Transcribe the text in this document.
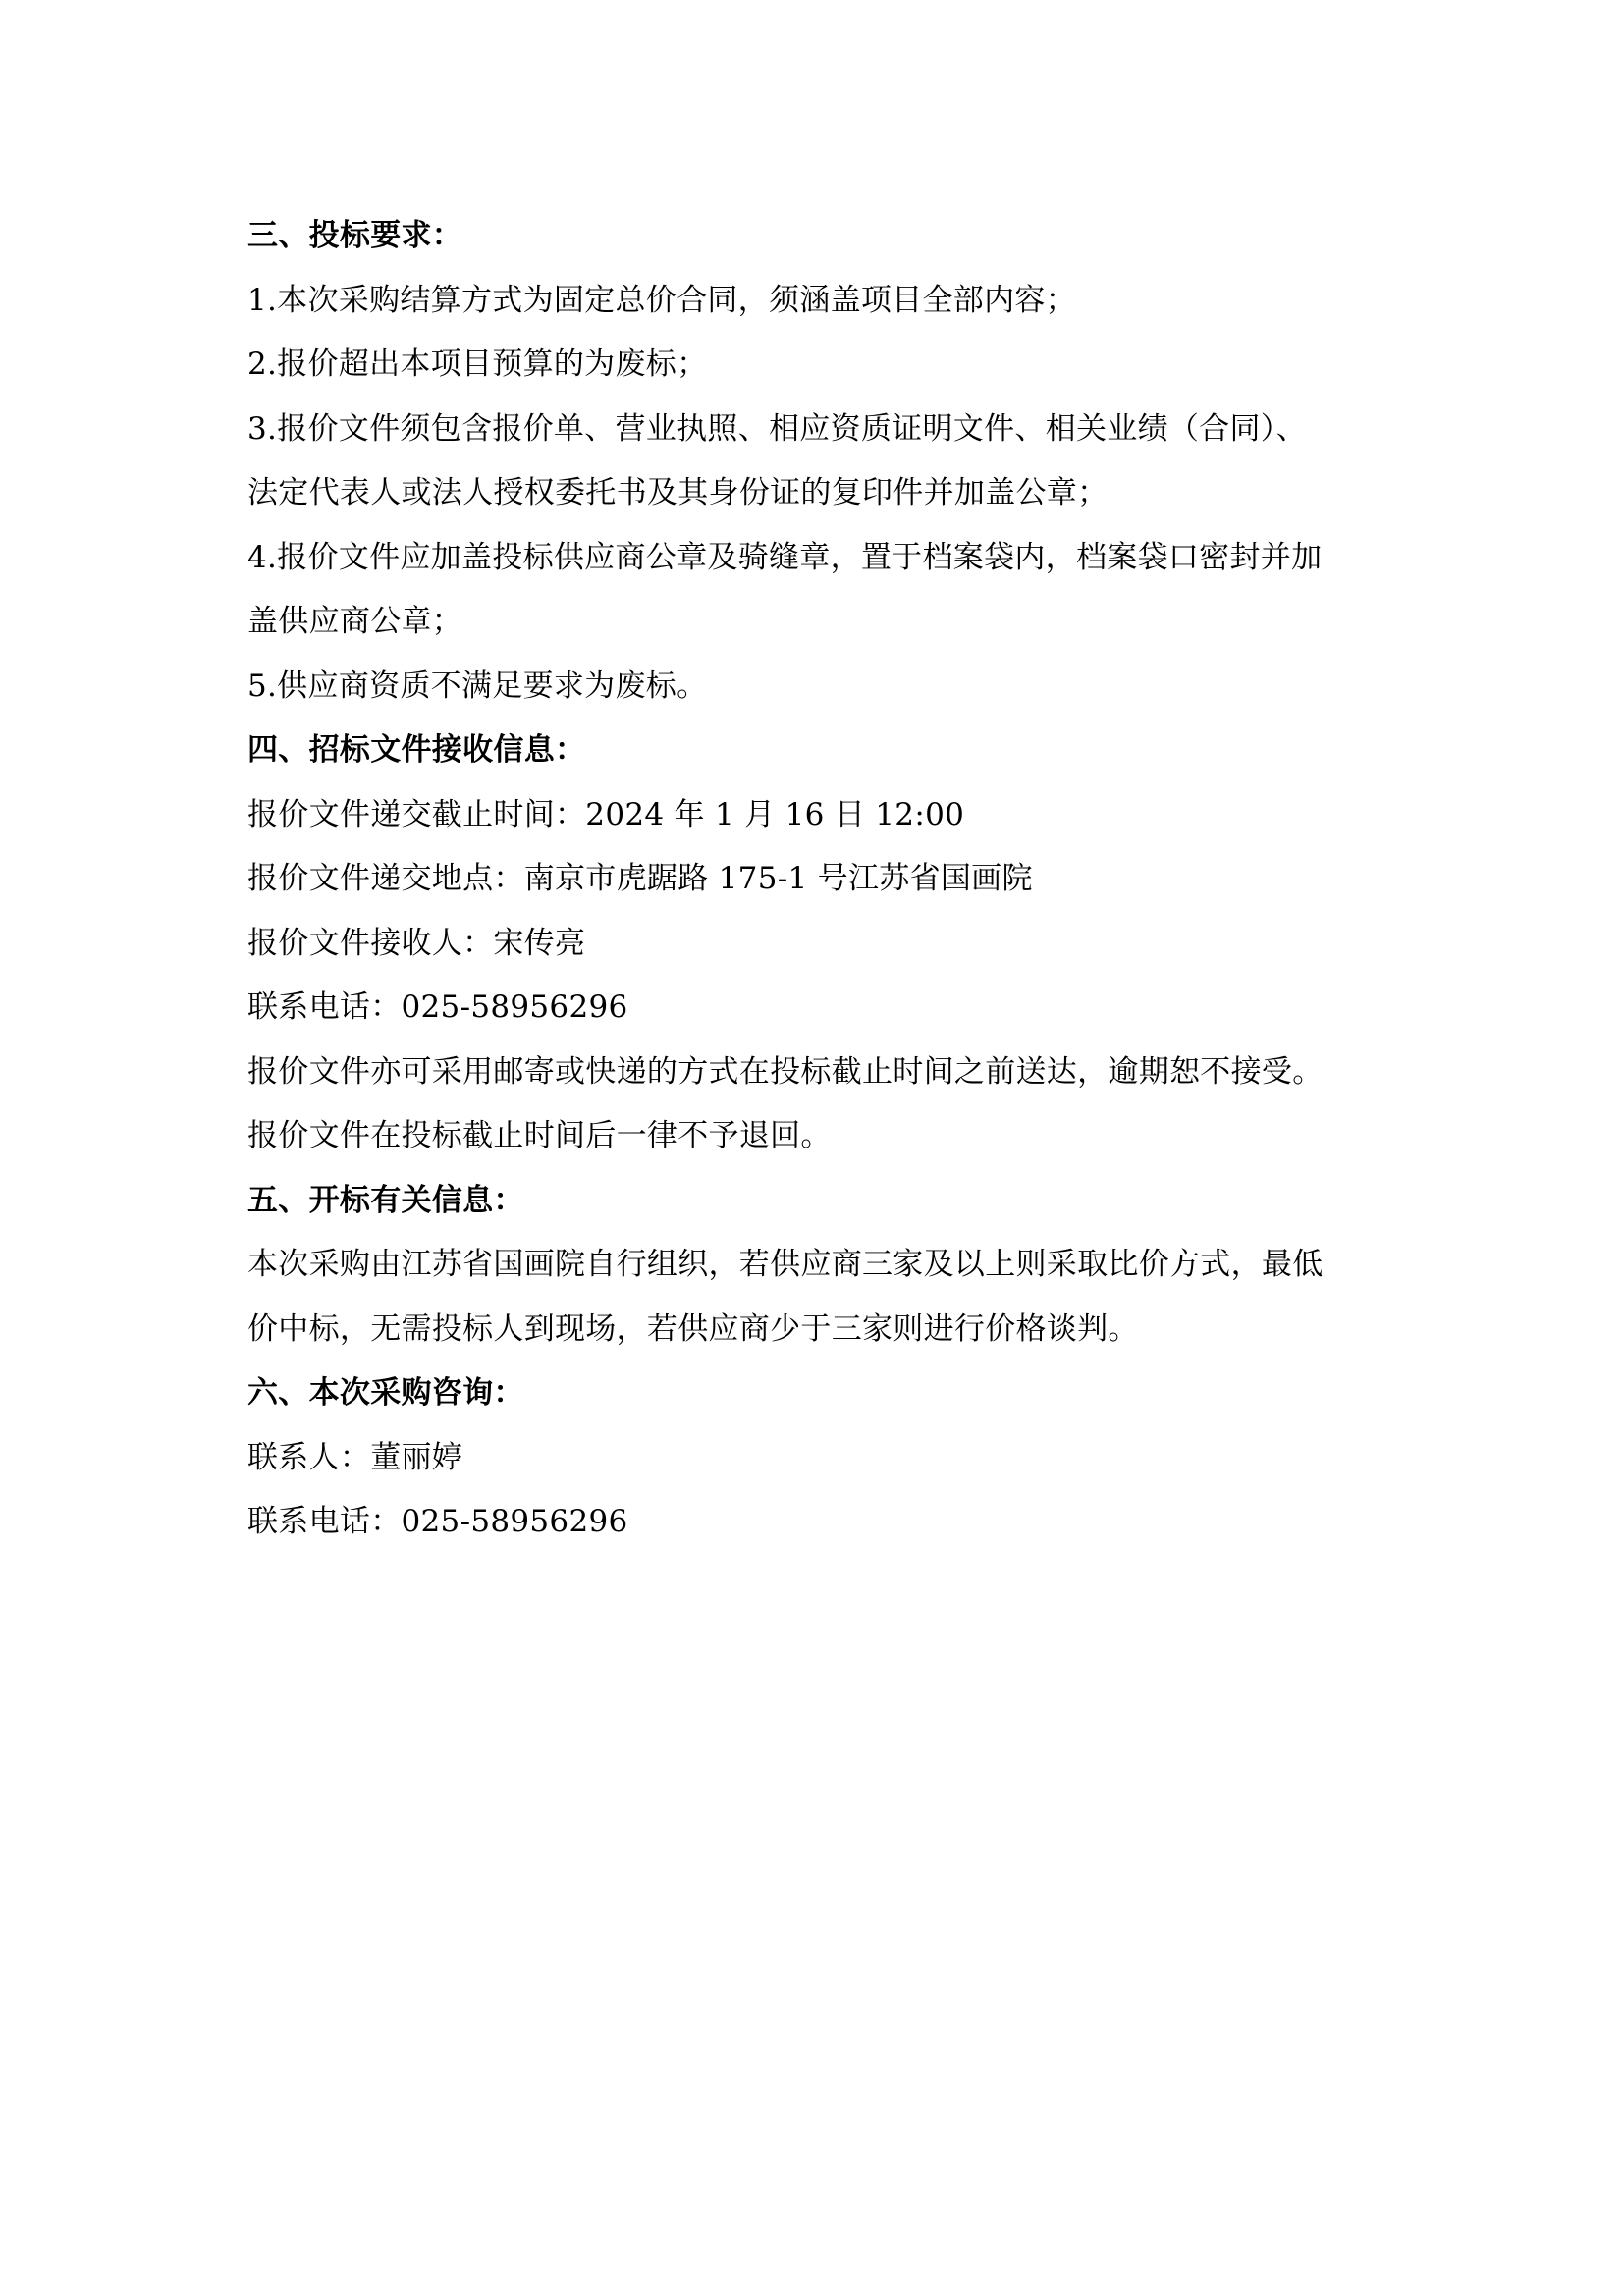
三、投标要求：
1.本次采购结算方式为固定总价合同，须涵盖项目全部内容；
2.报价超出本项目预算的为废标；
3.报价文件须包含报价单、营业执照、相应资质证明文件、相关业绩（合同）、
法定代表人或法人授权委托书及其身份证的复印件并加盖公章；
4.报价文件应加盖投标供应商公章及骑缝章，置于档案袋内，档案袋口密封并加
盖供应商公章；
5.供应商资质不满足要求为废标。
四、招标文件接收信息：
报价文件递交截止时间：2024 年 1 月 16 日 12:00
报价文件递交地点：南京市虎踞路 175-1 号江苏省国画院
报价文件接收人：宋传亮
联系电话：025-58956296
报价文件亦可采用邮寄或快递的方式在投标截止时间之前送达，逾期恕不接受。
报价文件在投标截止时间后一律不予退回。
五、开标有关信息：
本次采购由江苏省国画院自行组织，若供应商三家及以上则采取比价方式，最低
价中标，无需投标人到现场，若供应商少于三家则进行价格谈判。
六、本次采购咨询：
联系人：董丽婷
联系电话：025-58956296
